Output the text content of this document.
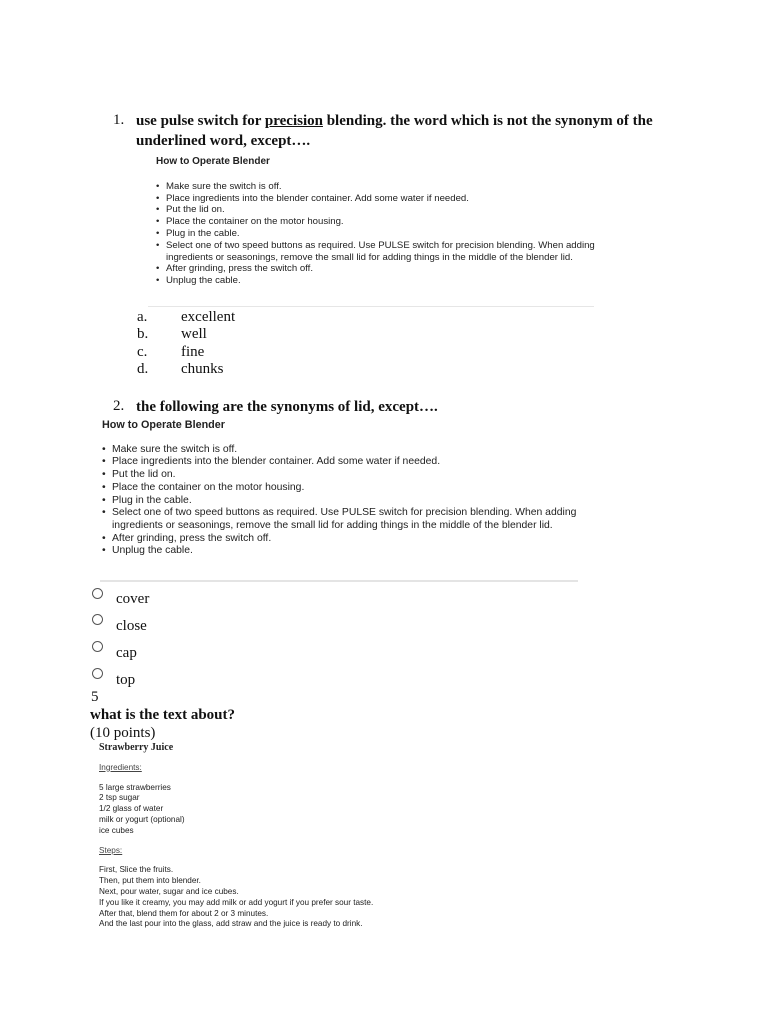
1. use pulse switch for precision blending. the word which is not the synonym of the underlined word, except….
How to Operate Blender
• Make sure the switch is off.
• Place ingredients into the blender container. Add some water if needed.
• Put the lid on.
• Place the container on the motor housing.
• Plug in the cable.
• Select one of two speed buttons as required. Use PULSE switch for precision blending. When adding ingredients or seasonings, remove the small lid for adding things in the middle of the blender lid.
• After grinding, press the switch off.
• Unplug the cable.
a. excellent
b. well
c. fine
d. chunks
2. the following are the synonyms of lid, except….
How to Operate Blender
• Make sure the switch is off.
• Place ingredients into the blender container. Add some water if needed.
• Put the lid on.
• Place the container on the motor housing.
• Plug in the cable.
• Select one of two speed buttons as required. Use PULSE switch for precision blending. When adding ingredients or seasonings, remove the small lid for adding things in the middle of the blender lid.
• After grinding, press the switch off.
• Unplug the cable.
cover
close
cap
top
5
what is the text about?
(10 points)
Strawberry Juice
Ingredients:
5 large strawberries
2 tsp sugar
1/2 glass of water
milk or yogurt (optional)
ice cubes
Steps:
First, Slice the fruits.
Then, put them into blender.
Next, pour water, sugar and ice cubes.
If you like it creamy, you may add milk or add yogurt if you prefer sour taste.
After that, blend them for about 2 or 3 minutes.
And the last pour into the glass, add straw and the juice is ready to drink.
